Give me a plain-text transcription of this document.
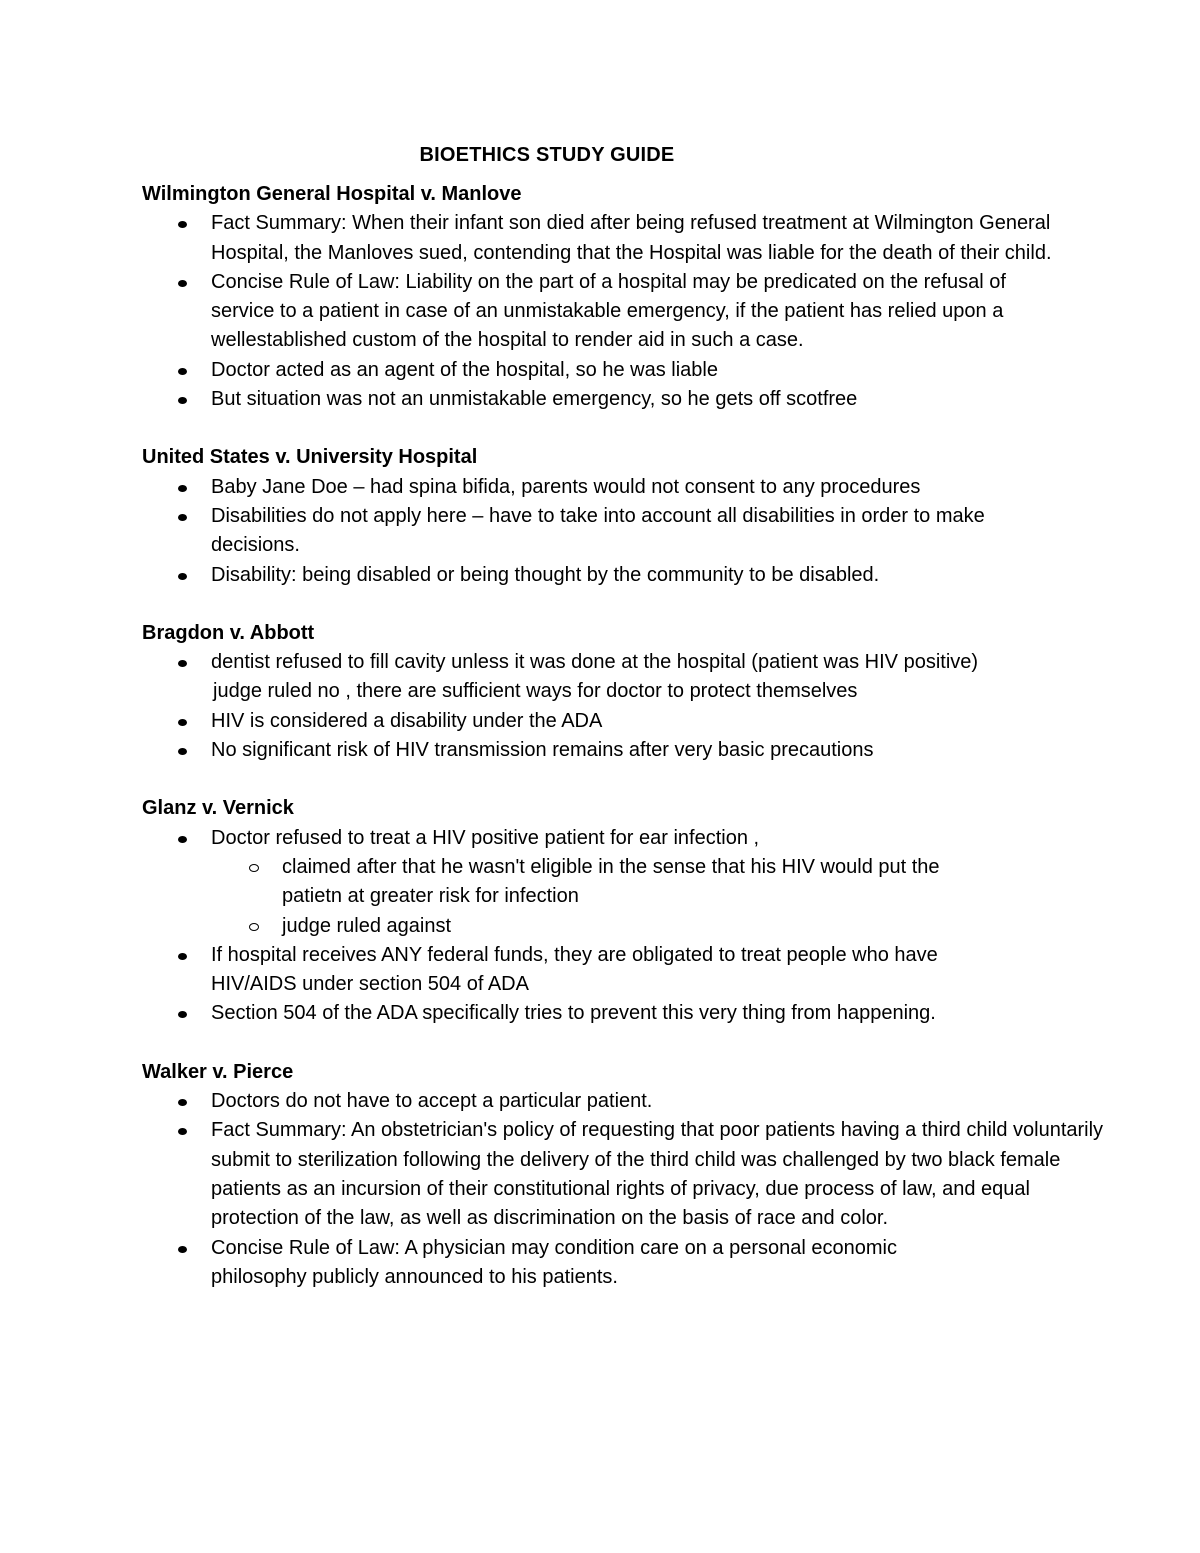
BIOETHICS STUDY GUIDE
Wilmington General Hospital v. Manlove
Fact Summary: When their infant son died after being refused treatment at Wilmington General Hospital, the Manloves sued, contending that the Hospital was liable for the death of their child.
Concise Rule of Law: Liability on the part of a hospital may be predicated on the refusal of service to a patient in case of an unmistakable emergency, if the patient has relied upon a wellestablished custom of the hospital to render aid in such a case.
Doctor acted as an agent of the hospital, so he was liable
But situation was not an unmistakable emergency, so he gets off scotfree
United States v. University Hospital
Baby Jane Doe – had spina bifida, parents would not consent to any procedures
Disabilities do not apply here – have to take into account all disabilities in order to make decisions.
Disability: being disabled or being thought by the community to be disabled.
Bragdon v. Abbott
dentist refused to fill cavity unless it was done at the hospital (patient was HIV positive)
judge ruled no , there are sufficient ways for doctor to protect themselves
HIV is considered a disability under the ADA
No significant risk of HIV transmission remains after very basic precautions
Glanz v. Vernick
Doctor refused to treat a HIV positive patient for ear infection ,
claimed after that he wasn't eligible in the sense that his HIV would put the patietn at greater risk for infection
judge ruled against
If hospital receives ANY federal funds, they are obligated to treat people who have HIV/AIDS under section 504 of ADA
Section 504 of the ADA specifically tries to prevent this very thing from happening.
Walker v. Pierce
Doctors do not have to accept a particular patient.
Fact Summary: An obstetrician's policy of requesting that poor patients having a third child voluntarily submit to sterilization following the delivery of the third child was challenged by two black female patients as an incursion of their constitutional rights of privacy, due process of law, and equal protection of the law, as well as discrimination on the basis of race and color.
Concise Rule of Law: A physician may condition care on a personal economic philosophy publicly announced to his patients.
